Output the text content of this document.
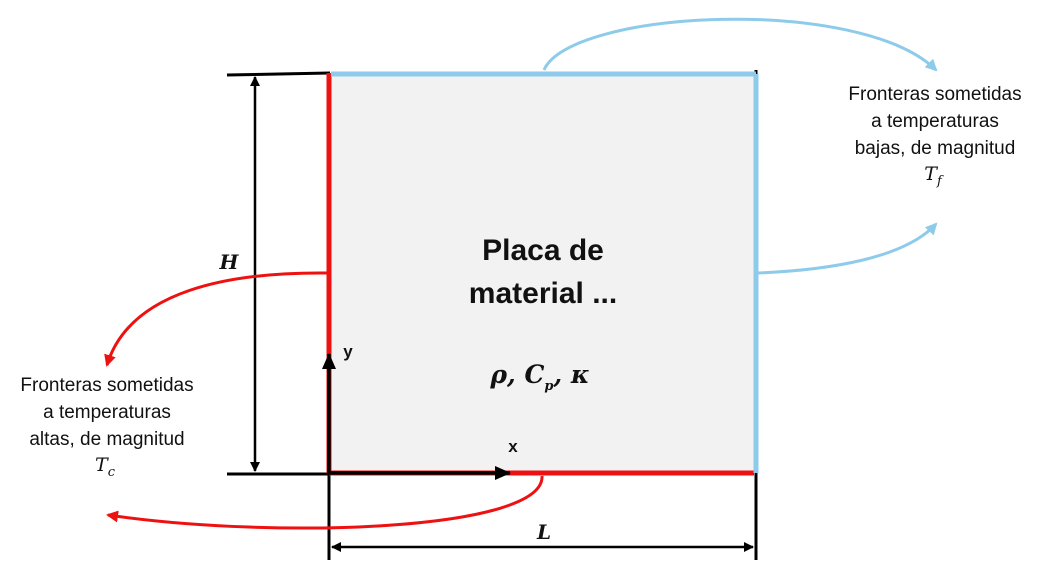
Placa de
material ...
ρ, $C_p$, κ
H
L
y
x
Fronteras sometidas
a temperaturas
bajas, de magnitud
$T_f$
Fronteras sometidas
a temperaturas
altas, de magnitud
$T_c$
